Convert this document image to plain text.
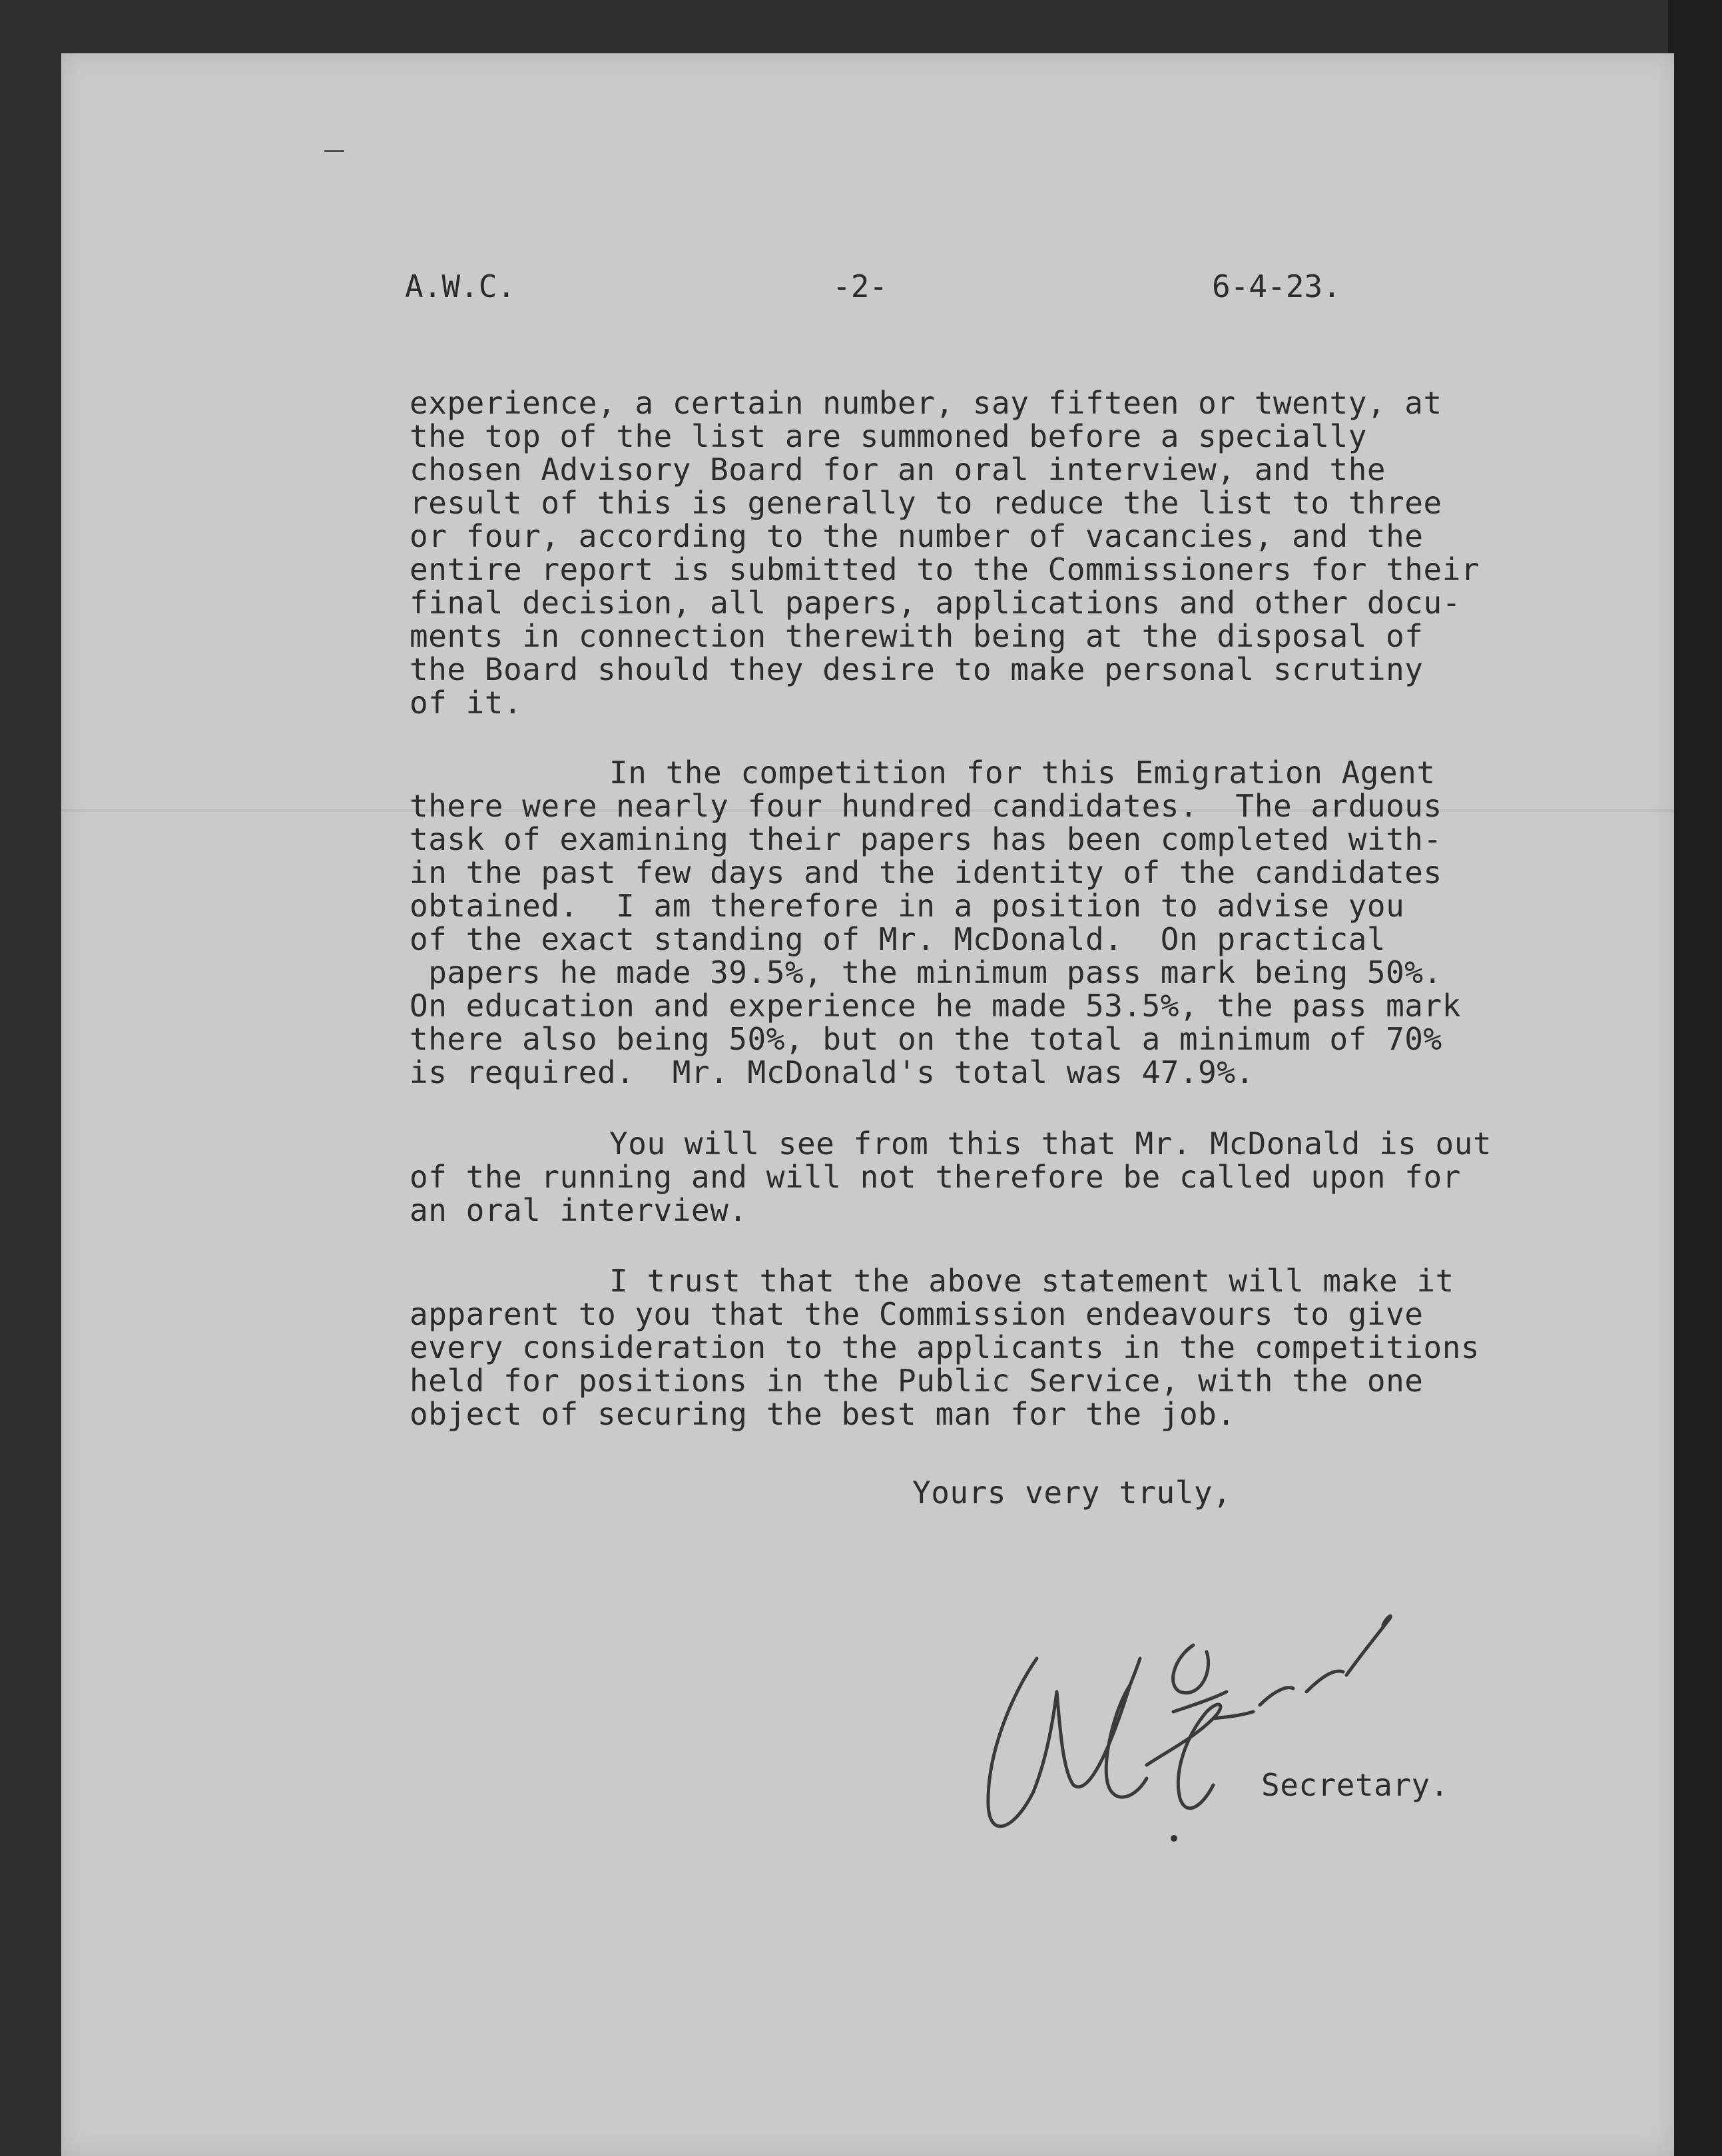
A.W.C.	-2-	6-4-23.
experience, a certain number, say fifteen or twenty, at
the top of the list are summoned before a specially
chosen Advisory Board for an oral interview, and the
result of this is generally to reduce the list to three
or four, according to the number of vacancies, and the
entire report is submitted to the Commissioners for their
final decision, all papers, applications and other docu-
ments in connection therewith being at the disposal of
the Board should they desire to make personal scrutiny
of it.
In the competition for this Emigration Agent
there were nearly four hundred candidates.  The arduous
task of examining their papers has been completed with-
in the past few days and the identity of the candidates
obtained.  I am therefore in a position to advise you
of the exact standing of Mr. McDonald.  On practical
papers he made 39.5%, the minimum pass mark being 50%.
On education and experience he made 53.5%, the pass mark
there also being 50%, but on the total a minimum of 70%
is required.  Mr. McDonald's total was 47.9%.
You will see from this that Mr. McDonald is out
of the running and will not therefore be called upon for
an oral interview.
I trust that the above statement will make it
apparent to you that the Commission endeavours to give
every consideration to the applicants in the competitions
held for positions in the Public Service, with the one
object of securing the best man for the job.
Yours very truly,
Secretary.
